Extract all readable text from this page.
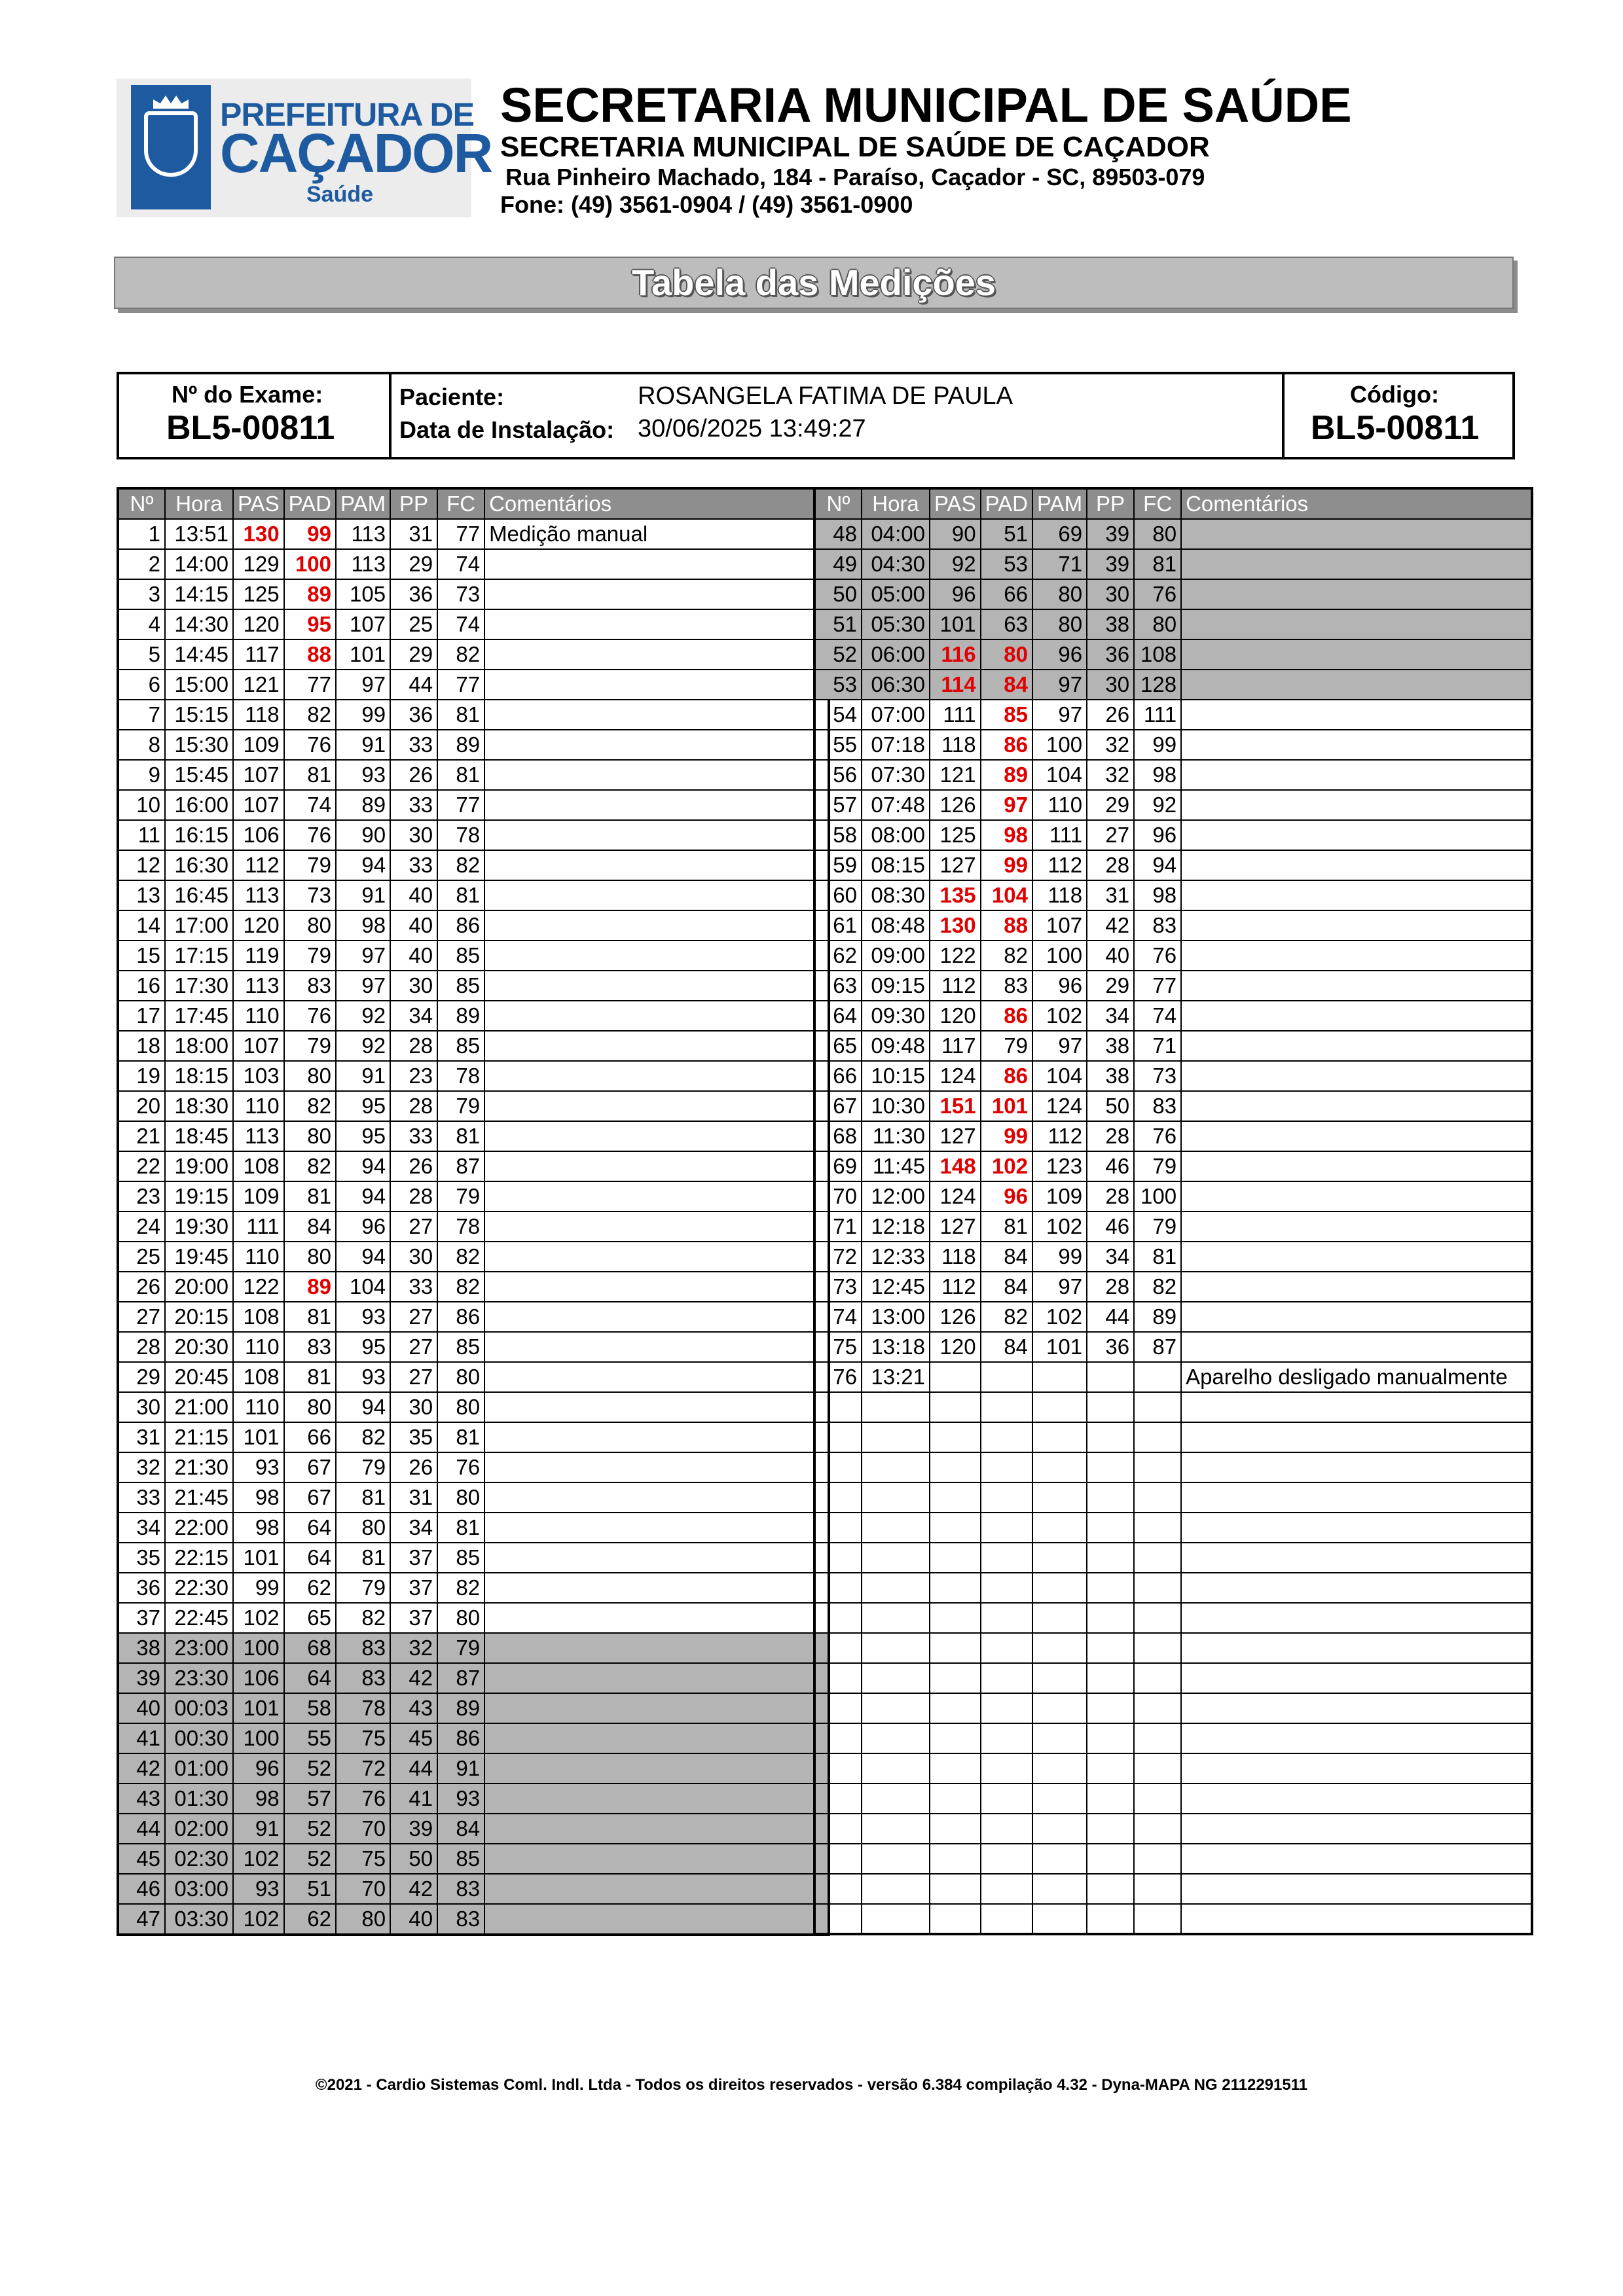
PREFEITURA DE
CAÇADOR
Saúde
SECRETARIA MUNICIPAL DE SAÚDE
SECRETARIA MUNICIPAL DE SAÚDE DE CAÇADOR
Rua Pinheiro Machado, 184 - Paraíso, Caçador - SC, 89503-079
Fone: (49) 3561-0904 / (49) 3561-0900
Tabela das Medições
Nº do Exame:
BL5-00811
Paciente:	ROSANGELA FATIMA DE PAULA
Data de Instalação: 30/06/2025 13:49:27
Código:
BL5-00811
Nº	Hora	PAS	PAD	PAM	PP	FC	Comentários
1	13:51	130	99	113	31	77	Medição manual
2	14:00	129	100	113	29	74	
3	14:15	125	89	105	36	73	
4	14:30	120	95	107	25	74	
5	14:45	117	88	101	29	82	
6	15:00	121	77	97	44	77	
7	15:15	118	82	99	36	81	
8	15:30	109	76	91	33	89	
9	15:45	107	81	93	26	81	
10	16:00	107	74	89	33	77	
11	16:15	106	76	90	30	78	
12	16:30	112	79	94	33	82	
13	16:45	113	73	91	40	81	
14	17:00	120	80	98	40	86	
15	17:15	119	79	97	40	85	
16	17:30	113	83	97	30	85	
17	17:45	110	76	92	34	89	
18	18:00	107	79	92	28	85	
19	18:15	103	80	91	23	78	
20	18:30	110	82	95	28	79	
21	18:45	113	80	95	33	81	
22	19:00	108	82	94	26	87	
23	19:15	109	81	94	28	79	
24	19:30	111	84	96	27	78	
25	19:45	110	80	94	30	82	
26	20:00	122	89	104	33	82	
27	20:15	108	81	93	27	86	
28	20:30	110	83	95	27	85	
29	20:45	108	81	93	27	80	
30	21:00	110	80	94	30	80	
31	21:15	101	66	82	35	81	
32	21:30	93	67	79	26	76	
33	21:45	98	67	81	31	80	
34	22:00	98	64	80	34	81	
35	22:15	101	64	81	37	85	
36	22:30	99	62	79	37	82	
37	22:45	102	65	82	37	80	
38	23:00	100	68	83	32	79	
39	23:30	106	64	83	42	87	
40	00:03	101	58	78	43	89	
41	00:30	100	55	75	45	86	
42	01:00	96	52	72	44	91	
43	01:30	98	57	76	41	93	
44	02:00	91	52	70	39	84	
45	02:30	102	52	75	50	85	
46	03:00	93	51	70	42	83	
47	03:30	102	62	80	40	83	
Nº	Hora	PAS	PAD	PAM	PP	FC	Comentários
48	04:00	90	51	69	39	80	
49	04:30	92	53	71	39	81	
50	05:00	96	66	80	30	76	
51	05:30	101	63	80	38	80	
52	06:00	116	80	96	36	108	
53	06:30	114	84	97	30	128	
54	07:00	111	85	97	26	111	
55	07:18	118	86	100	32	99	
56	07:30	121	89	104	32	98	
57	07:48	126	97	110	29	92	
58	08:00	125	98	111	27	96	
59	08:15	127	99	112	28	94	
60	08:30	135	104	118	31	98	
61	08:48	130	88	107	42	83	
62	09:00	122	82	100	40	76	
63	09:15	112	83	96	29	77	
64	09:30	120	86	102	34	74	
65	09:48	117	79	97	38	71	
66	10:15	124	86	104	38	73	
67	10:30	151	101	124	50	83	
68	11:30	127	99	112	28	76	
69	11:45	148	102	123	46	79	
70	12:00	124	96	109	28	100	
71	12:18	127	81	102	46	79	
72	12:33	118	84	99	34	81	
73	12:45	112	84	97	28	82	
74	13:00	126	82	102	44	89	
75	13:18	120	84	101	36	87	
76	13:21						Aparelho desligado manualmente

©2021 - Cardio Sistemas Coml. Indl. Ltda - Todos os direitos reservados - versão 6.384 compilação 4.32 - Dyna-MAPA NG 2112291511
